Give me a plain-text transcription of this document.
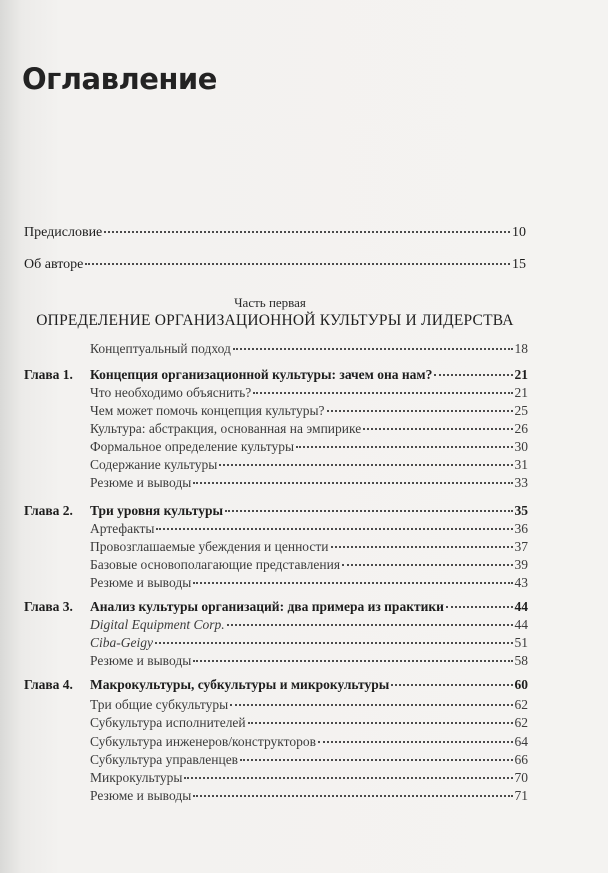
Оглавление
Предисловие	10
Об авторе	15
Часть первая
ОПРЕДЕЛЕНИЕ ОРГАНИЗАЦИОННОЙ КУЛЬТУРЫ И ЛИДЕРСТВА
Концептуальный подход	18
Глава 1.	Концепция организационной культуры: зачем она нам?	21
Что необходимо объяснить?	21
Чем может помочь концепция культуры?	25
Культура: абстракция, основанная на эмпирике	26
Формальное определение культуры	30
Содержание культуры	31
Резюме и выводы	33
Глава 2.	Три уровня культуры	35
Артефакты	36
Провозглашаемые убеждения и ценности	37
Базовые основополагающие представления	39
Резюме и выводы	43
Глава 3.	Анализ культуры организаций: два примера из практики	44
Digital Equipment Corp.	44
Ciba-Geigy	51
Резюме и выводы	58
Глава 4.	Макрокультуры, субкультуры и микрокультуры	60
Три общие субкультуры	62
Субкультура исполнителей	62
Субкультура инженеров/конструкторов	64
Субкультура управленцев	66
Микрокультуры	70
Резюме и выводы	71
